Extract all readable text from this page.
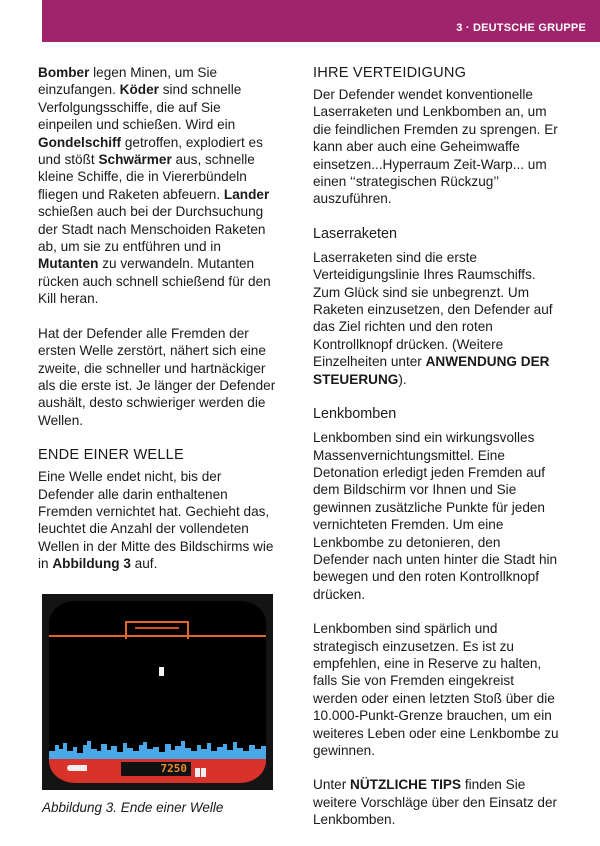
3 · DEUTSCHE GRUPPE

Bomber legen Minen, um Sie einzufangen. Köder sind schnelle Verfolgungsschiffe, die auf Sie einpeilen und schießen. Wird ein Gondelschiff getroffen, explodiert es und stößt Schwärmer aus, schnelle kleine Schiffe, die in Viererbündeln fliegen und Raketen abfeuern. Lander schießen auch bei der Durchsuchung der Stadt nach Menschoiden Raketen ab, um sie zu entführen und in Mutanten zu verwandeln. Mutanten rücken auch schnell schießend für den Kill heran.

Hat der Defender alle Fremden der ersten Welle zerstört, nähert sich eine zweite, die schneller und hartnäckiger als die erste ist. Je länger der Defender aushält, desto schwieriger werden die Wellen.

ENDE EINER WELLE

Eine Welle endet nicht, bis der Defender alle darin enthaltenen Fremden vernichtet hat. Gechieht das, leuchtet die Anzahl der vollendeten Wellen in der Mitte des Bildschirms wie in Abbildung 3 auf.

IHRE VERTEIDIGUNG

Der Defender wendet konventionelle Laserraketen und Lenkbomben an, um die feindlichen Fremden zu sprengen. Er kann aber auch eine Geheimwaffe einsetzen...Hyperraum Zeit-Warp... um einen ‘‘strategischen Rückzug’’ auszuführen.

Laserraketen

Laserraketen sind die erste Verteidigungslinie Ihres Raumschiffs. Zum Glück sind sie unbegrenzt. Um Raketen einzusetzen, den Defender auf das Ziel richten und den roten Kontrollknopf drücken. (Weitere Einzelheiten unter ANWENDUNG DER STEUERUNG).

Lenkbomben

Lenkbomben sind ein wirkungsvolles Massenvernichtungsmittel. Eine Detonation erledigt jeden Fremden auf dem Bildschirm vor Ihnen und Sie gewinnen zusätzliche Punkte für jeden vernichteten Fremden. Um eine Lenkbombe zu detonieren, den Defender nach unten hinter die Stadt hin bewegen und den roten Kontrollknopf drücken.

Lenkbomben sind spärlich und strategisch einzusetzen. Es ist zu empfehlen, eine in Reserve zu halten, falls Sie von Fremden eingekreist werden oder einen letzten Stoß über die 10.000-Punkt-Grenze brauchen, um ein weiteres Leben oder eine Lenkbombe zu gewinnen.

Unter NÜTZLICHE TIPS finden Sie weitere Vorschläge über den Einsatz der Lenkbomben.

7250
Abbildung 3. Ende einer Welle
